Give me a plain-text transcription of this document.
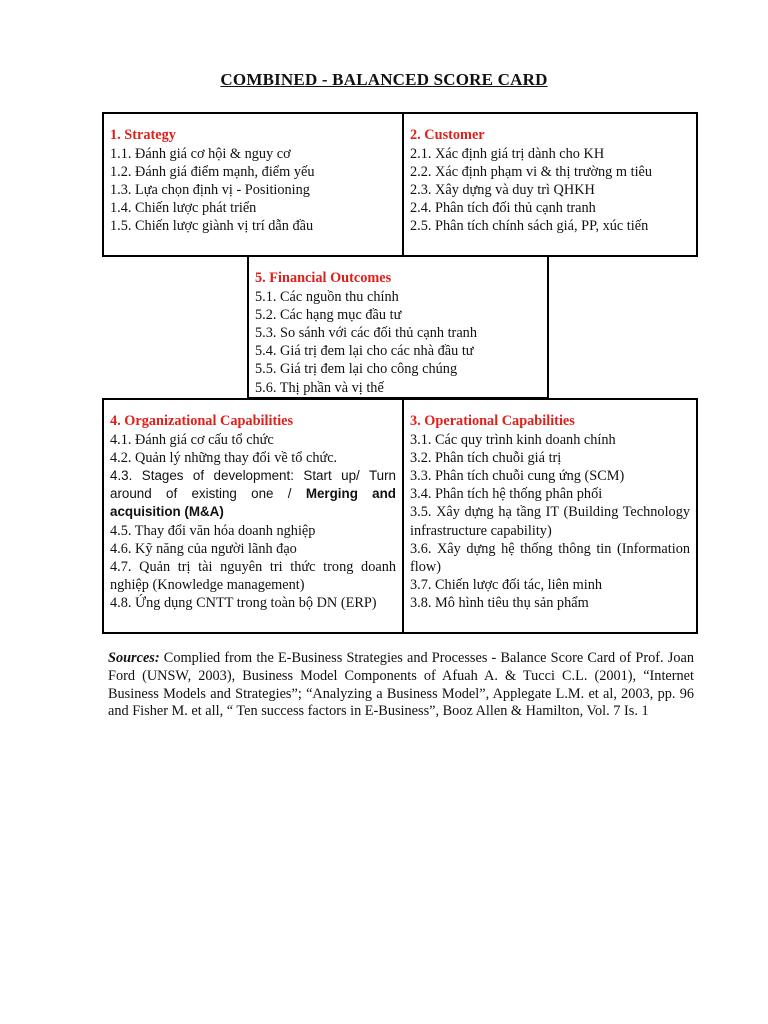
COMBINED - BALANCED SCORE CARD
1. Strategy
1.1. Đánh giá cơ hội & nguy cơ
1.2. Đánh giá điểm mạnh, điểm yếu
1.3. Lựa chọn định vị - Positioning
1.4. Chiến lược phát triển
1.5. Chiến lược giành vị trí dẫn đầu
2. Customer
2.1. Xác định giá trị dành cho KH
2.2. Xác định phạm vi & thị trường m tiêu
2.3. Xây dựng và duy trì QHKH
2.4. Phân tích đối thủ cạnh tranh
2.5. Phân tích chính sách giá, PP, xúc tiến
5. Financial Outcomes
5.1. Các nguồn thu chính
5.2. Các hạng mục đầu tư
5.3. So sánh với các đối thủ cạnh tranh
5.4. Giá trị đem lại cho các nhà đầu tư
5.5. Giá trị đem lại cho công chúng
5.6. Thị phần và vị thế
4. Organizational Capabilities
4.1. Đánh giá cơ cấu tổ chức
4.2. Quản lý những thay đổi về tổ chức.
4.3. Stages of development: Start up/ Turn around of existing one / Merging and acquisition (M&A)
4.5. Thay đổi văn hóa doanh nghiệp
4.6. Kỹ năng của người lãnh đạo
4.7. Quản trị tài nguyên tri thức trong doanh nghiệp (Knowledge management)
4.8. Ứng dụng CNTT trong toàn bộ DN (ERP)
3. Operational Capabilities
3.1. Các quy trình kinh doanh chính
3.2. Phân tích chuỗi giá trị
3.3. Phân tích chuỗi cung ứng (SCM)
3.4. Phân tích hệ thống phân phối
3.5. Xây dựng hạ tầng IT (Building Technology infrastructure capability)
3.6. Xây dựng hệ thống thông tin (Information flow)
3.7. Chiến lược đối tác, liên minh
3.8. Mô hình tiêu thụ sản phẩm
Sources: Complied from the E-Business Strategies and Processes - Balance Score Card of Prof. Joan Ford (UNSW, 2003), Business Model Components of Afuah A. & Tucci C.L. (2001), “Internet Business Models and Strategies”; “Analyzing a Business Model”, Applegate L.M. et al, 2003, pp. 96 and Fisher M. et all, “ Ten success factors in E-Business”, Booz Allen & Hamilton, Vol. 7 Is. 1
